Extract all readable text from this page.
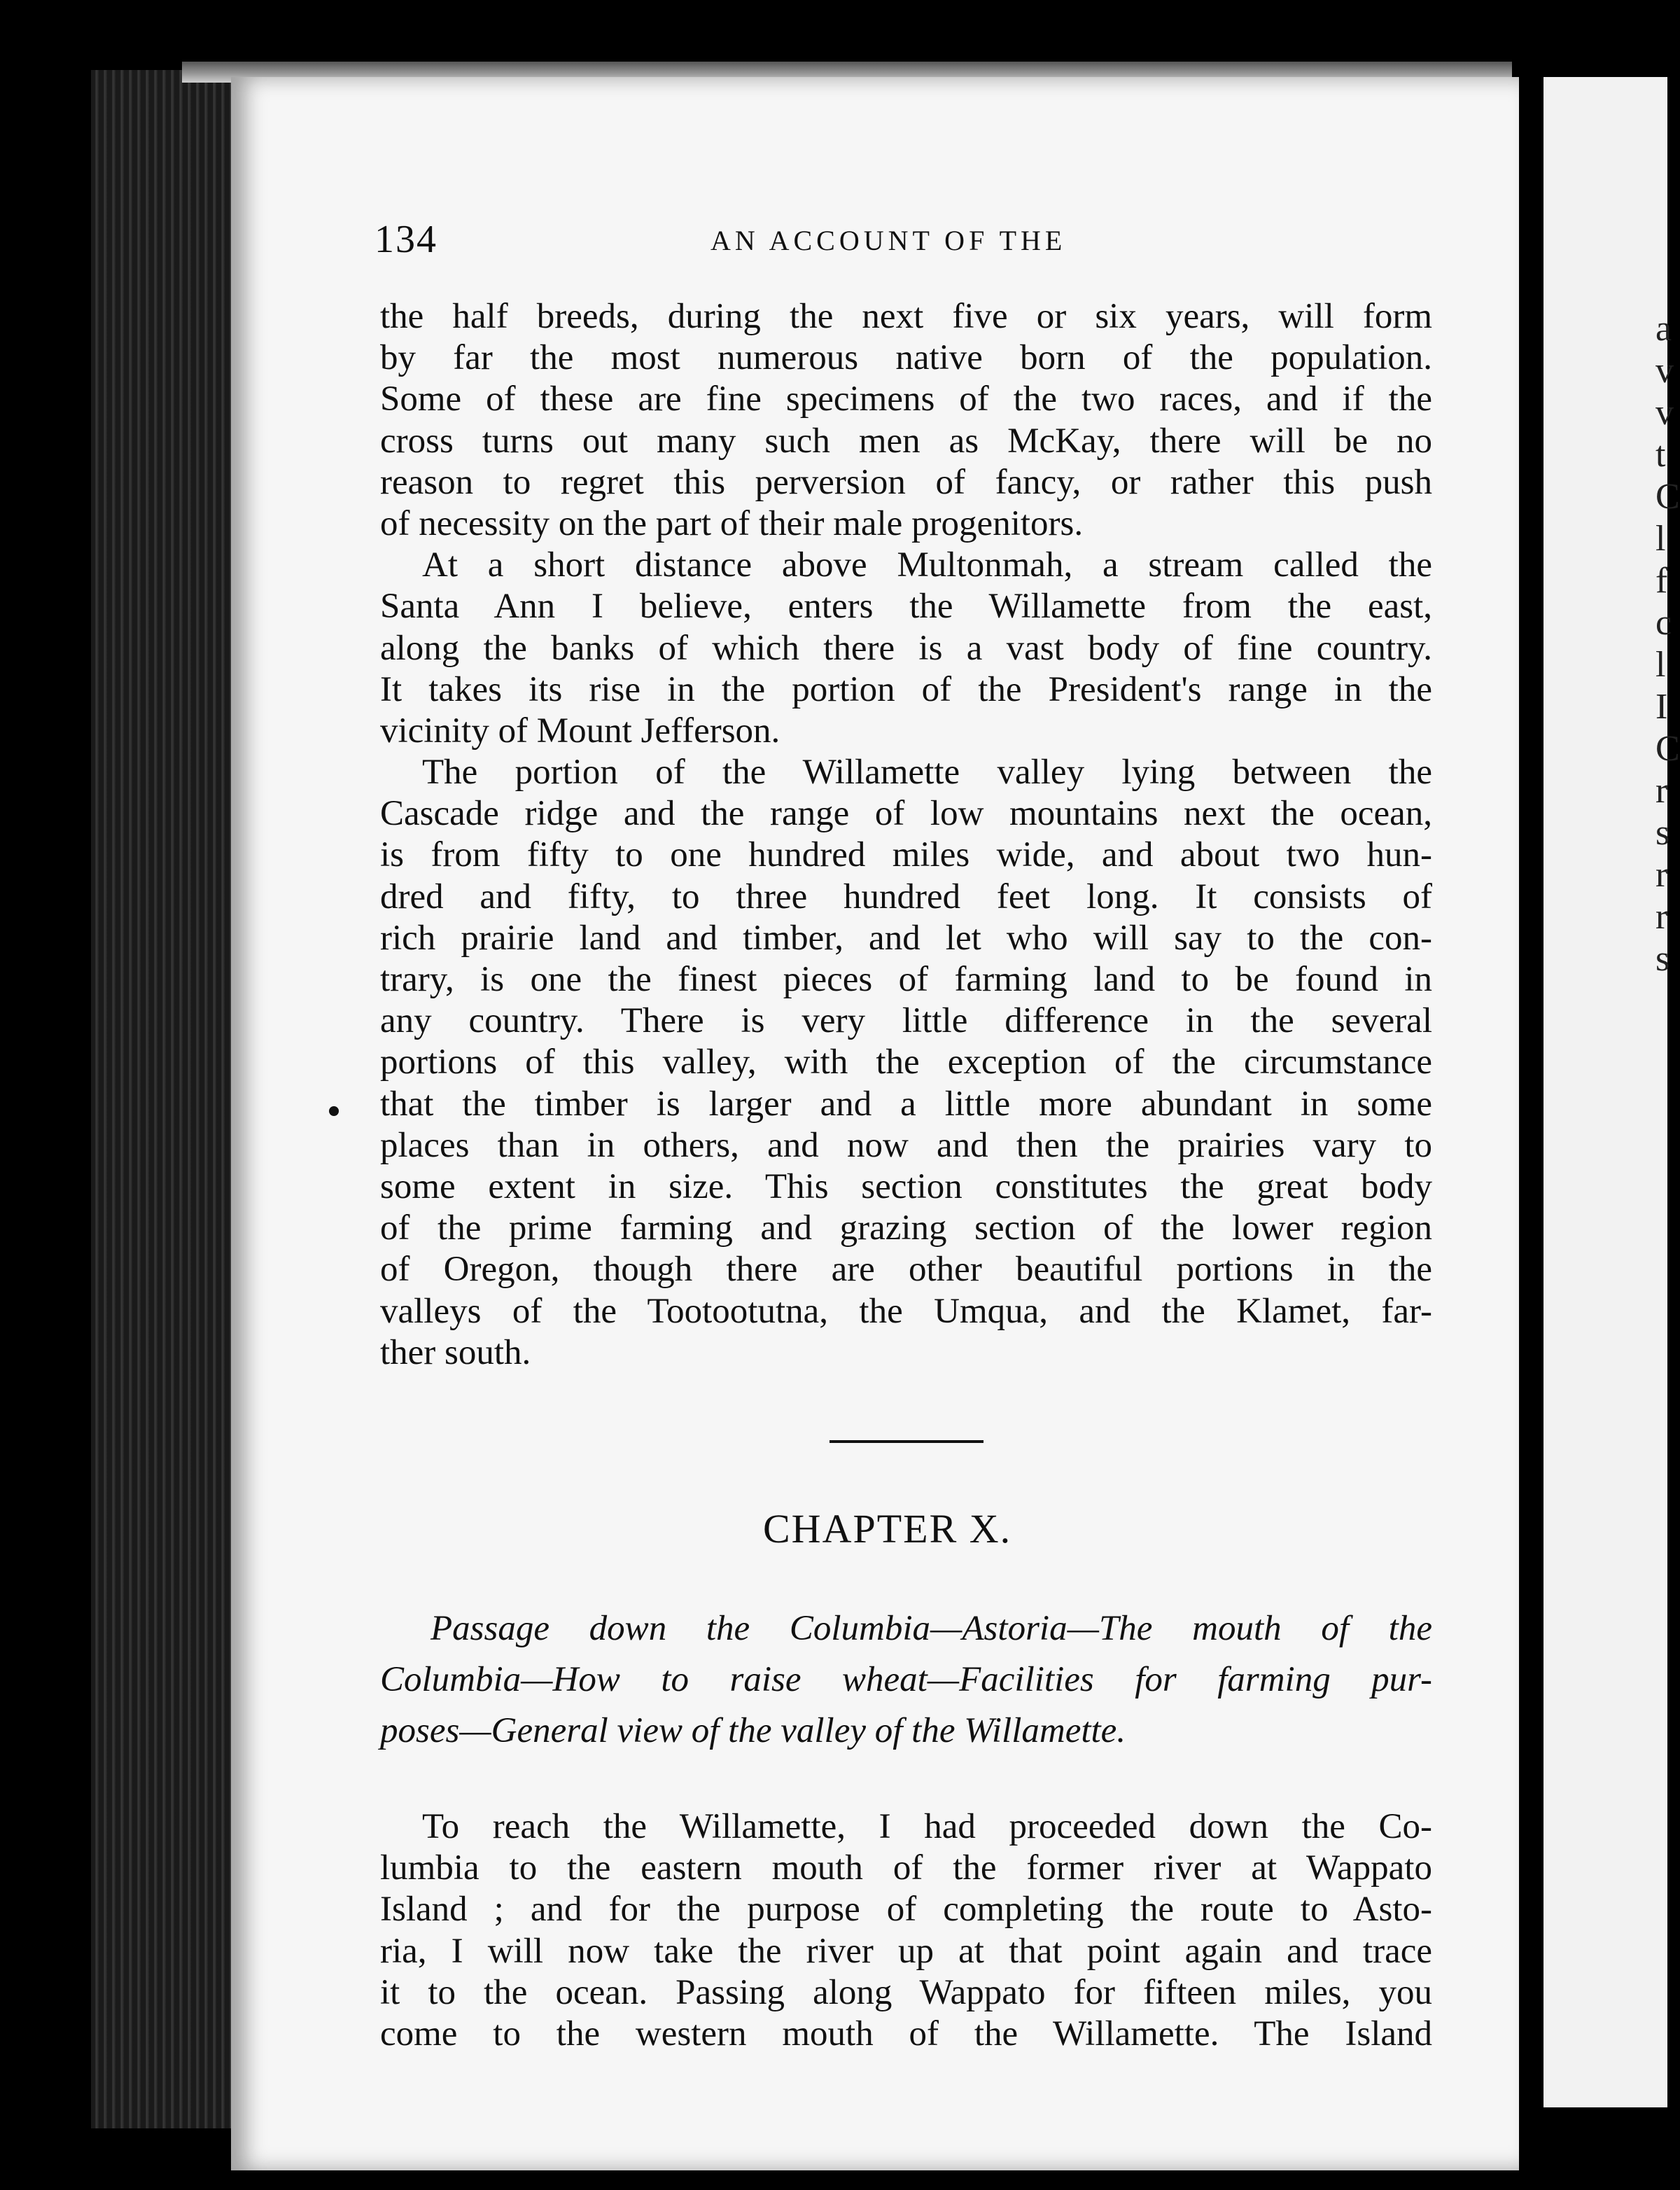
a
v
v
t
C
l
f
c
l
I
C
r
s
r
r
s
134	AN ACCOUNT OF THE
the half breeds, during the next five or six years, will form
by far the most numerous native born of the population.
Some of these are fine specimens of the two races, and if the
cross turns out many such men as McKay, there will be no
reason to regret this perversion of fancy, or rather this push
of necessity on the part of their male progenitors.
At a short distance above Multonmah, a stream called the
Santa Ann I believe, enters the Willamette from the east,
along the banks of which there is a vast body of fine country.
It takes its rise in the portion of the President's range in the
vicinity of Mount Jefferson.
The portion of the Willamette valley lying between the
Cascade ridge and the range of low mountains next the ocean,
is from fifty to one hundred miles wide, and about two hun-
dred and fifty, to three hundred feet long. It consists of
rich prairie land and timber, and let who will say to the con-
trary, is one the finest pieces of farming land to be found in
any country. There is very little difference in the several
portions of this valley, with the exception of the circumstance
that the timber is larger and a little more abundant in some
places than in others, and now and then the prairies vary to
some extent in size. This section constitutes the great body
of the prime farming and grazing section of the lower region
of Oregon, though there are other beautiful portions in the
valleys of the Tootootutna, the Umqua, and the Klamet, far-
ther south.
CHAPTER X.
Passage down the Columbia—Astoria—The mouth of the
Columbia—How to raise wheat—Facilities for farming pur-
poses—General view of the valley of the Willamette.
To reach the Willamette, I had proceeded down the Co-
lumbia to the eastern mouth of the former river at Wappato
Island ; and for the purpose of completing the route to Asto-
ria, I will now take the river up at that point again and trace
it to the ocean. Passing along Wappato for fifteen miles, you
come to the western mouth of the Willamette. The Island
